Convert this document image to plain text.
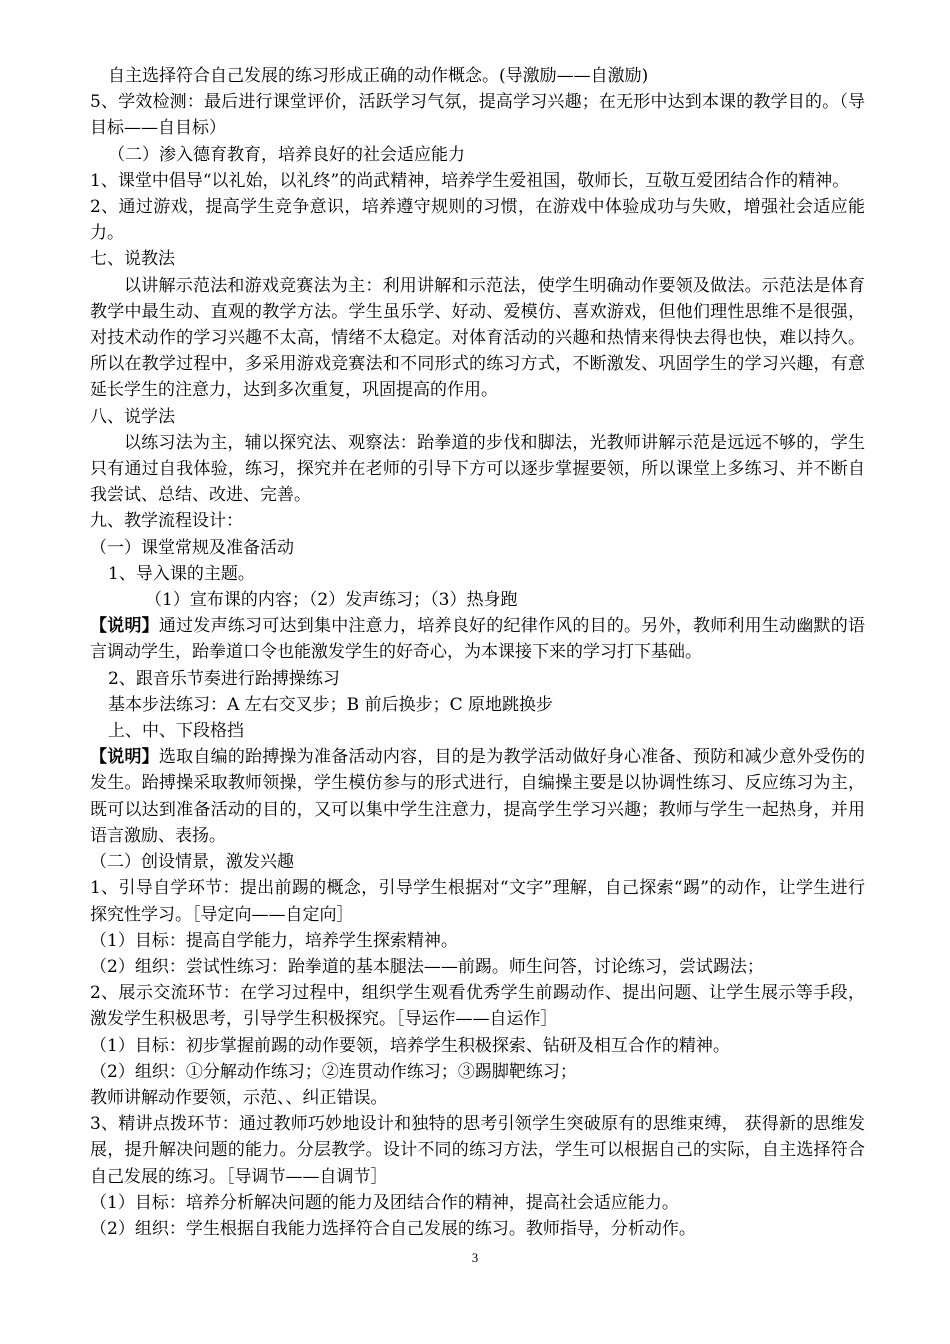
自主选择符合自己发展的练习形成正确的动作概念。(导激励——自激励)

5、学效检测：最后进行课堂评价，活跃学习气氛，提高学习兴趣；在无形中达到本课的教学目的。（导目标——自目标）

（二）渗入德育教育，培养良好的社会适应能力

1、课堂中倡导“以礼始，以礼终”的尚武精神，培养学生爱祖国，敬师长，互敬互爱团结合作的精神。

2、通过游戏，提高学生竞争意识，培养遵守规则的习惯，在游戏中体验成功与失败，增强社会适应能力。

七、说教法

以讲解示范法和游戏竞赛法为主：利用讲解和示范法，使学生明确动作要领及做法。示范法是体育教学中最生动、直观的教学方法。学生虽乐学、好动、爱模仿、喜欢游戏，但他们理性思维不是很强，对技术动作的学习兴趣不太高，情绪不太稳定。对体育活动的兴趣和热情来得快去得也快，难以持久。所以在教学过程中，多采用游戏竞赛法和不同形式的练习方式，不断激发、巩固学生的学习兴趣，有意延长学生的注意力，达到多次重复，巩固提高的作用。

八、说学法

以练习法为主，辅以探究法、观察法：跆拳道的步伐和脚法，光教师讲解示范是远远不够的，学生只有通过自我体验，练习，探究并在老师的引导下方可以逐步掌握要领，所以课堂上多练习、并不断自我尝试、总结、改进、完善。

九、教学流程设计：

（一）课堂常规及准备活动

1、导入课的主题。

（1）宣布课的内容；（2）发声练习；（3）热身跑

【说明】通过发声练习可达到集中注意力，培养良好的纪律作风的目的。另外，教师利用生动幽默的语言调动学生，跆拳道口令也能激发学生的好奇心，为本课接下来的学习打下基础。

2、跟音乐节奏进行跆搏操练习

基本步法练习：A 左右交叉步；B 前后换步；C 原地跳换步

上、中、下段格挡

【说明】选取自编的跆搏操为准备活动内容，目的是为教学活动做好身心准备、预防和减少意外受伤的发生。跆搏操采取教师领操，学生模仿参与的形式进行，自编操主要是以协调性练习、反应练习为主，既可以达到准备活动的目的，又可以集中学生注意力，提高学生学习兴趣；教师与学生一起热身，并用语言激励、表扬。

（二）创设情景，激发兴趣

1、引导自学环节：提出前踢的概念，引导学生根据对“文字”理解，自己探索“踢”的动作，让学生进行探究性学习。［导定向——自定向］

（1）目标：提高自学能力，培养学生探索精神。

（2）组织：尝试性练习：跆拳道的基本腿法——前踢。师生问答，讨论练习，尝试踢法；

2、展示交流环节：在学习过程中，组织学生观看优秀学生前踢动作、提出问题、让学生展示等手段，激发学生积极思考，引导学生积极探究。［导运作——自运作］

（1）目标：初步掌握前踢的动作要领，培养学生积极探索、钻研及相互合作的精神。

（2）组织：①分解动作练习；②连贯动作练习；③踢脚靶练习；

教师讲解动作要领，示范、、纠正错误。

3、精讲点拨环节：通过教师巧妙地设计和独特的思考引领学生突破原有的思维束缚， 获得新的思维发展，提升解决问题的能力。分层教学。设计不同的练习方法，学生可以根据自己的实际，自主选择符合自己发展的练习。［导调节——自调节］

（1）目标：培养分析解决问题的能力及团结合作的精神，提高社会适应能力。

（2）组织：学生根据自我能力选择符合自己发展的练习。教师指导，分析动作。

3
